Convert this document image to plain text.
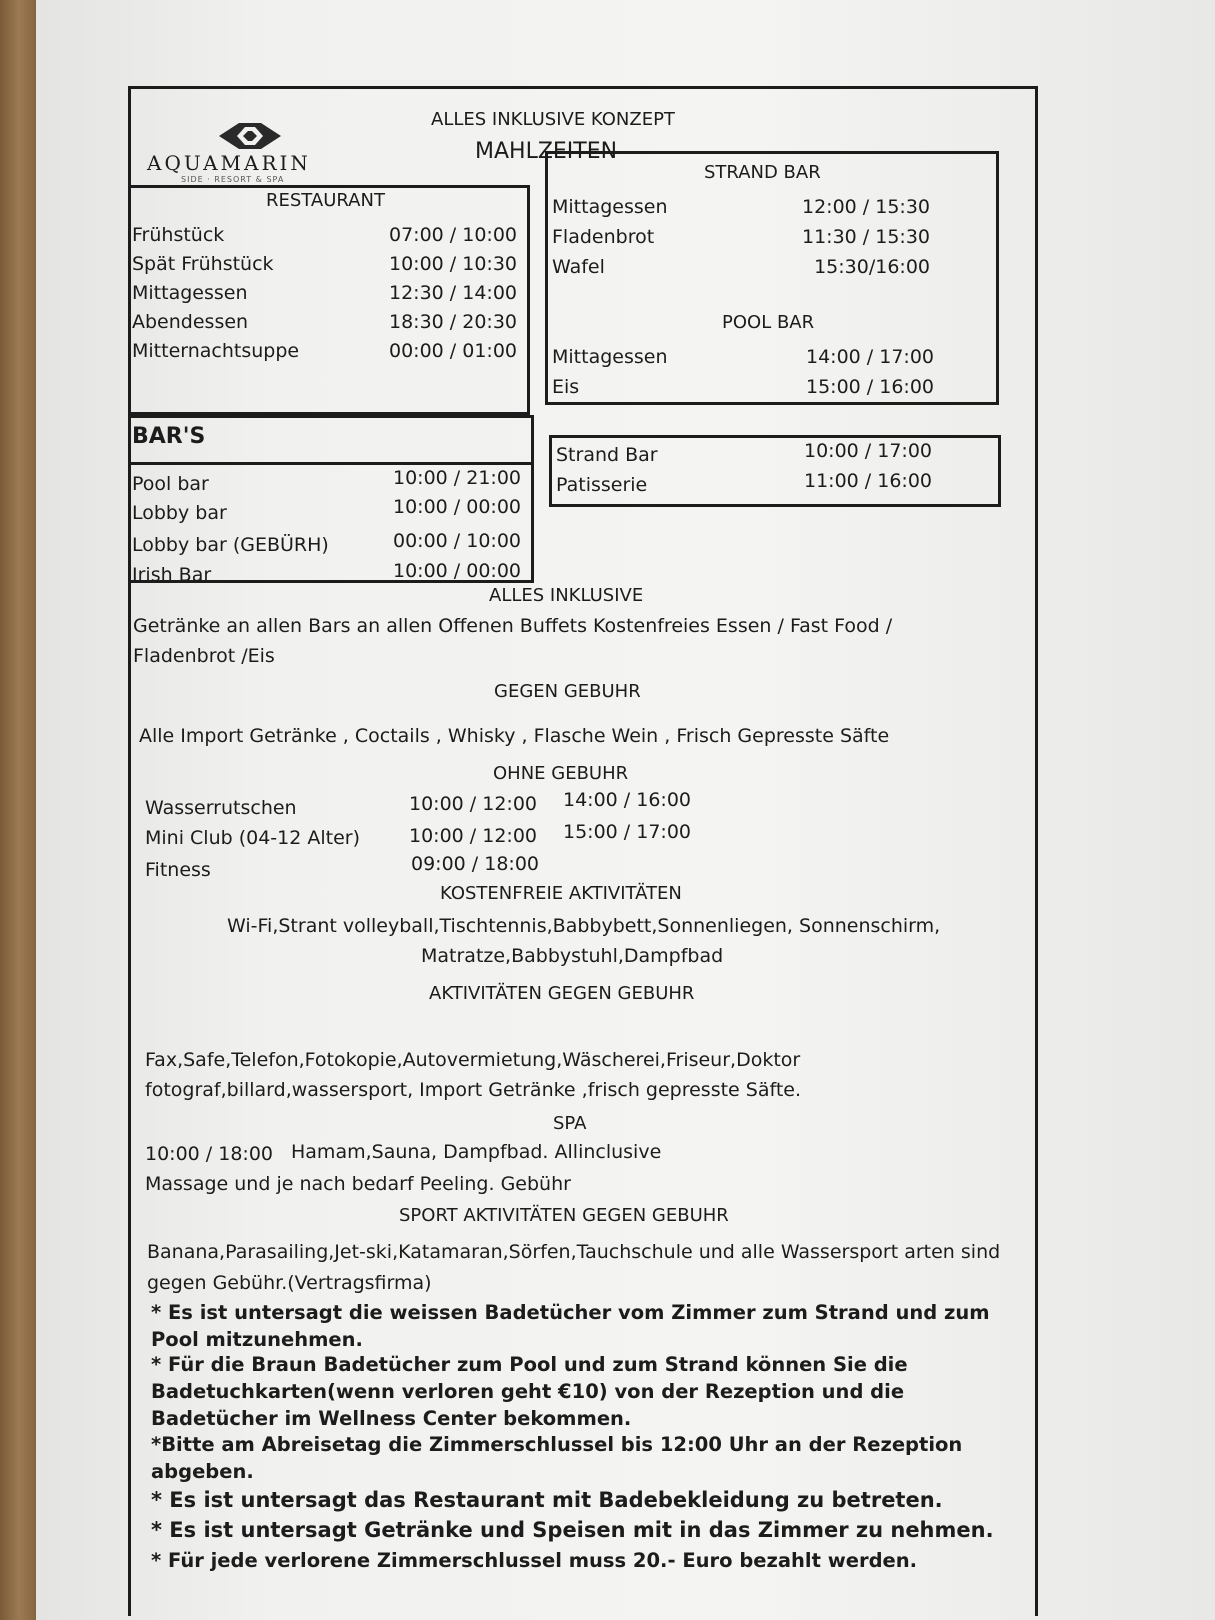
AQUAMARIN
SIDE · RESORT & SPA
ALLES INKLUSIVE KONZEPT
MAHLZEITEN
RESTAURANT
Frühstück	07:00 / 10:00
Spät Frühstück	10:00 / 10:30
Mittagessen	12:30 / 14:00
Abendessen	18:30 / 20:30
Mitternachtsuppe	00:00 / 01:00
STRAND BAR
Mittagessen	12:00 / 15:30
Fladenbrot	11:30 / 15:30
Wafel	15:30/16:00
POOL BAR
Mittagessen	14:00 / 17:00
Eis	15:00 / 16:00
BAR'S
Pool bar	10:00 / 21:00
Lobby bar	10:00 / 00:00
Lobby bar (GEBÜRH)	00:00 / 10:00
Irish Bar	10:00 / 00:00
Strand Bar	10:00 / 17:00
Patisserie	11:00 / 16:00
ALLES INKLUSIVE
Getränke an allen Bars an allen Offenen Buffets Kostenfreies Essen / Fast Food / Fladenbrot /Eis
GEGEN GEBUHR
Alle Import Getränke , Coctails , Whisky , Flasche Wein , Frisch Gepresste Säfte
OHNE GEBUHR
Wasserrutschen	10:00 / 12:00 14:00 / 16:00
Mini Club (04-12 Alter)	10:00 / 12:00 15:00 / 17:00
Fitness	09:00 / 18:00
KOSTENFREIE AKTIVITÄTEN
Wi-Fi,Strant volleyball,Tischtennis,Babbybett,Sonnenliegen, Sonnenschirm,
Matratze,Babbystuhl,Dampfbad
AKTIVITÄTEN GEGEN GEBUHR
Fax,Safe,Telefon,Fotokopie,Autovermietung,Wäscherei,Friseur,Doktor
fotograf,billard,wassersport, Import Getränke ,frisch gepresste Säfte.
SPA
10:00 / 18:00 Hamam,Sauna, Dampfbad. Allinclusive
Massage und je nach bedarf Peeling. Gebühr
SPORT AKTIVITÄTEN GEGEN GEBUHR
Banana,Parasailing,Jet-ski,Katamaran,Sörfen,Tauchschule und alle Wassersport arten sind gegen Gebühr.(Vertragsfirma)
* Es ist untersagt die weissen Badetücher vom Zimmer zum Strand und zum Pool mitzunehmen.
* Für die Braun Badetücher zum Pool und zum Strand können Sie die Badetuchkarten(wenn verloren geht €10) von der Rezeption und die Badetücher im Wellness Center bekommen.
*Bitte am Abreisetag die Zimmerschlussel bis 12:00 Uhr an der Rezeption abgeben.
* Es ist untersagt das Restaurant mit Badebekleidung zu betreten.
* Es ist untersagt Getränke und Speisen mit in das Zimmer zu nehmen.
* Für jede verlorene Zimmerschlussel muss 20.- Euro bezahlt werden.
